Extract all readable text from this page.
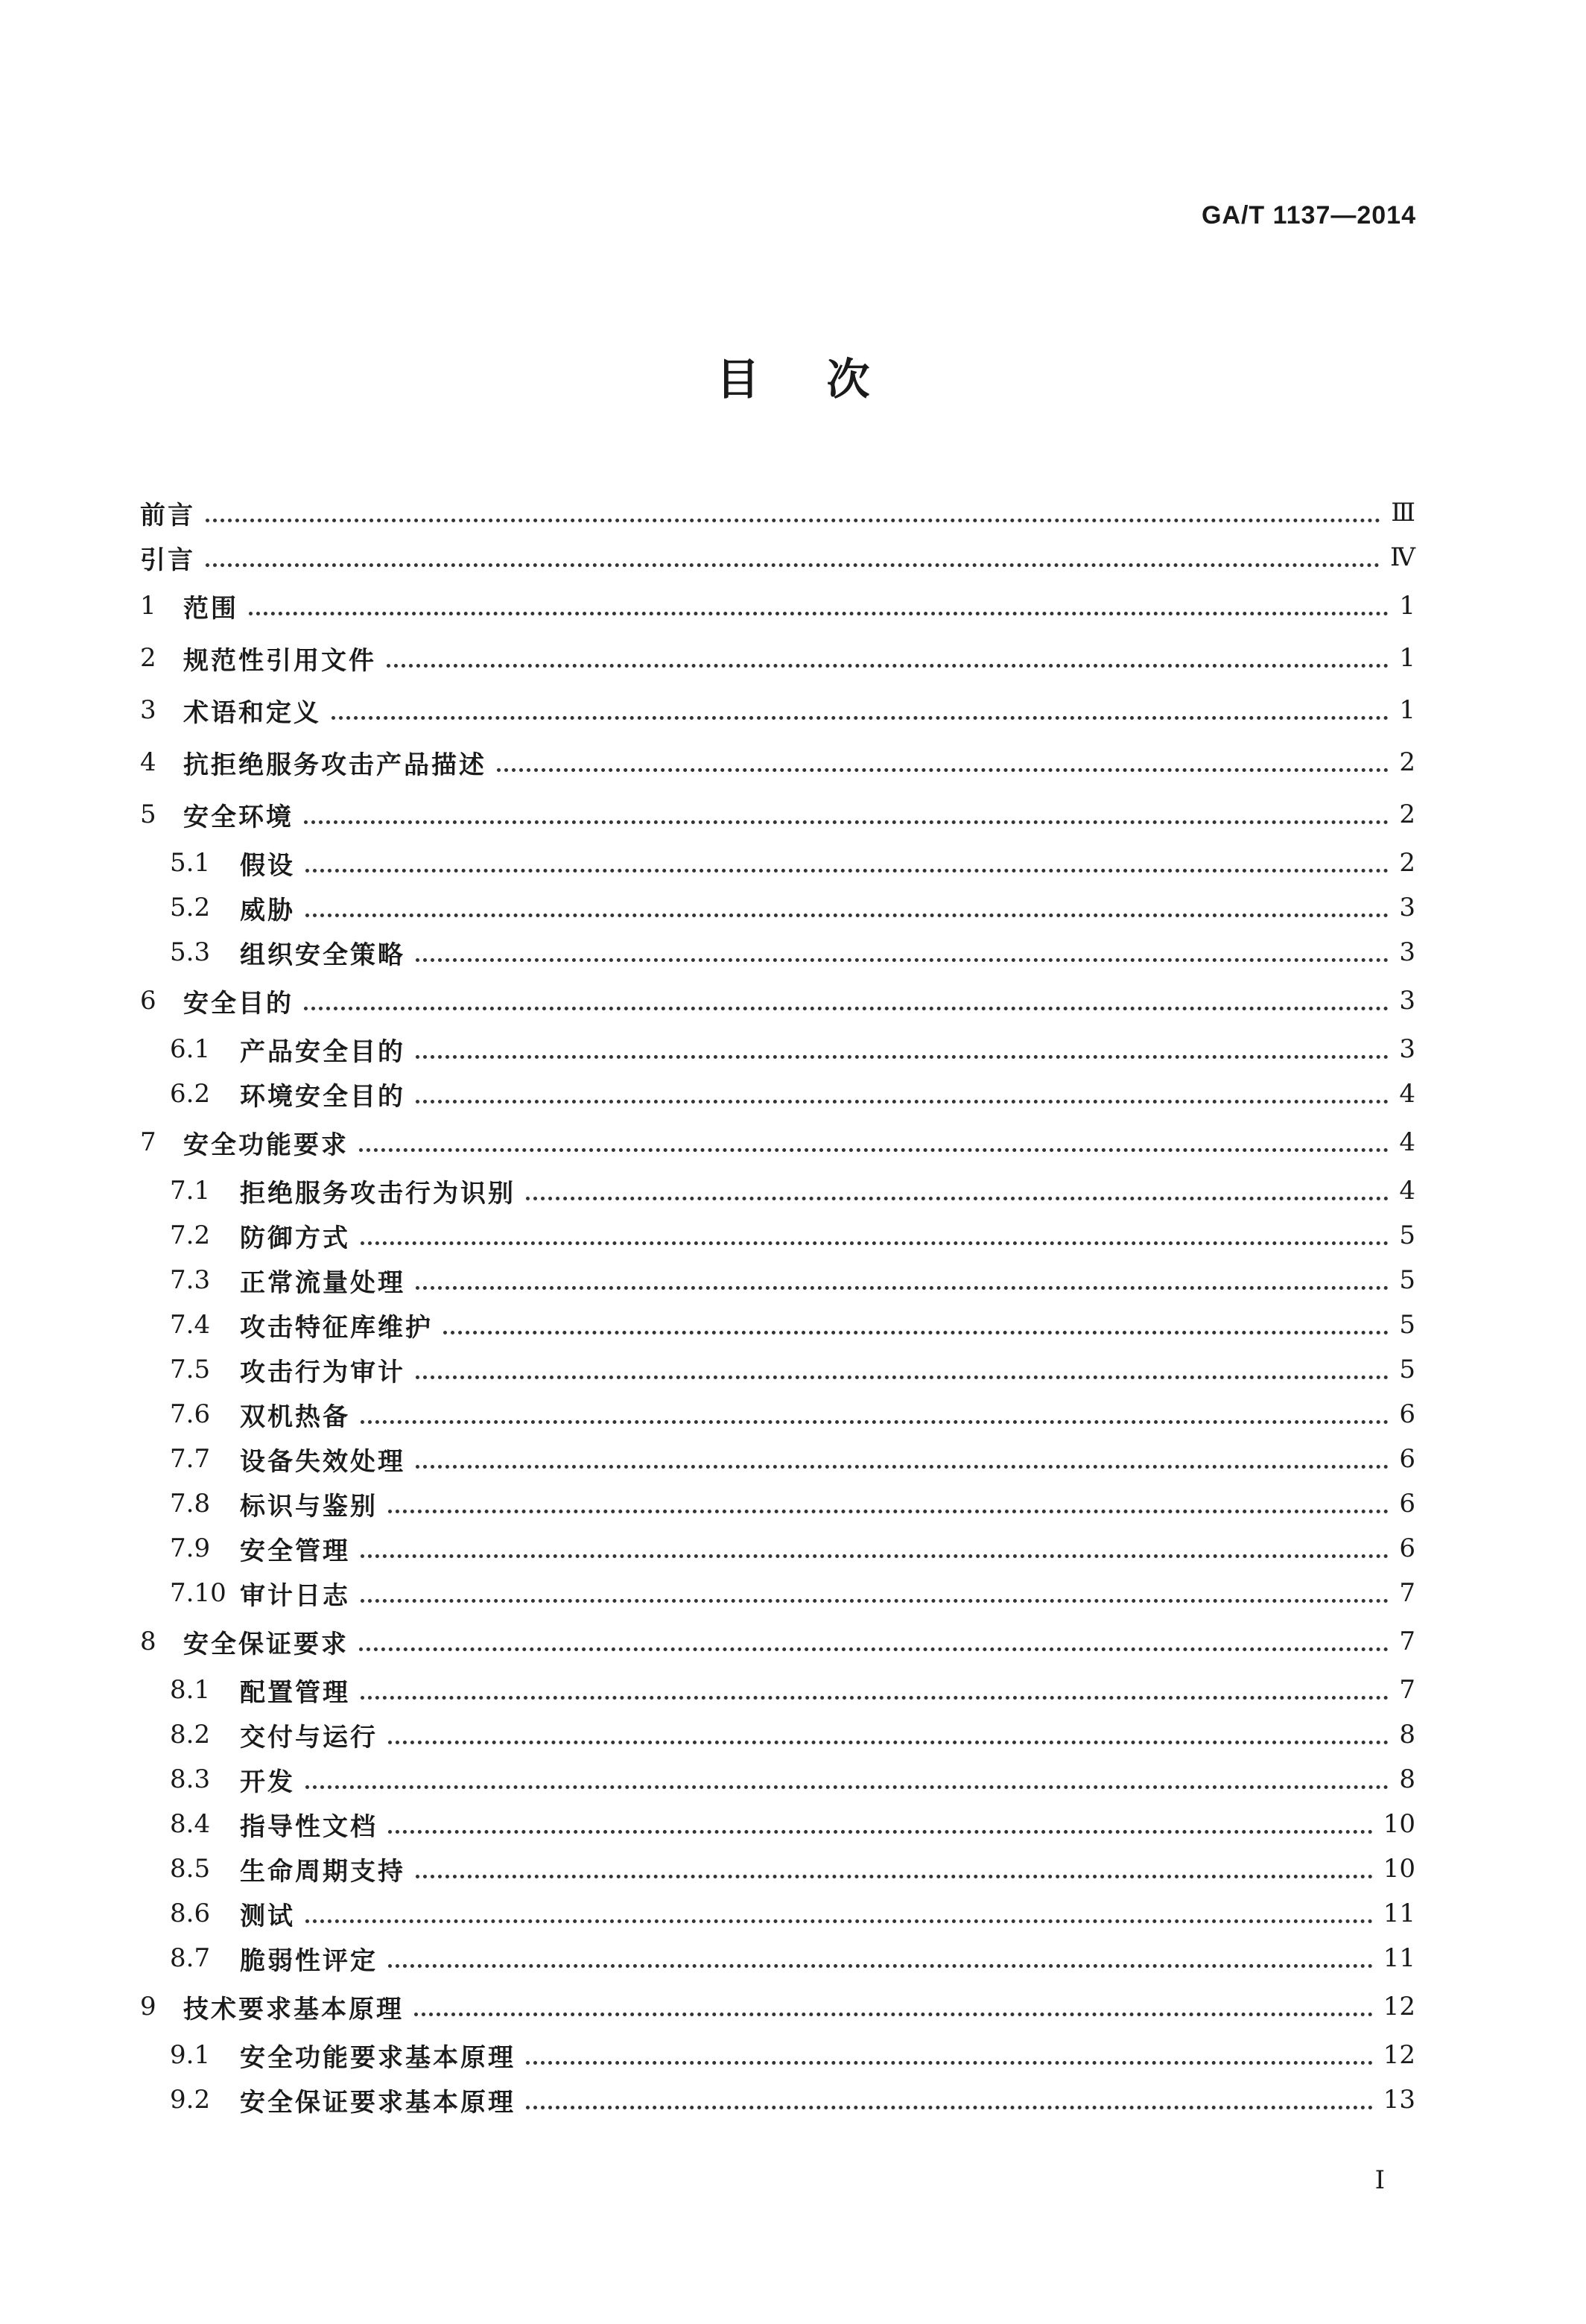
GA/T 1137—2014
目次
前言	Ⅲ
引言	Ⅳ
1	范围	1
2	规范性引用文件	1
3	术语和定义	1
4	抗拒绝服务攻击产品描述	2
5	安全环境	2
5.1	假设	2
5.2	威胁	3
5.3	组织安全策略	3
6	安全目的	3
6.1	产品安全目的	3
6.2	环境安全目的	4
7	安全功能要求	4
7.1	拒绝服务攻击行为识别	4
7.2	防御方式	5
7.3	正常流量处理	5
7.4	攻击特征库维护	5
7.5	攻击行为审计	5
7.6	双机热备	6
7.7	设备失效处理	6
7.8	标识与鉴别	6
7.9	安全管理	6
7.10 审计日志	7
8	安全保证要求	7
8.1	配置管理	7
8.2	交付与运行	8
8.3	开发	8
8.4	指导性文档	10
8.5	生命周期支持	10
8.6	测试	11
8.7	脆弱性评定	11
9	技术要求基本原理	12
9.1	安全功能要求基本原理	12
9.2	安全保证要求基本原理	13
I
